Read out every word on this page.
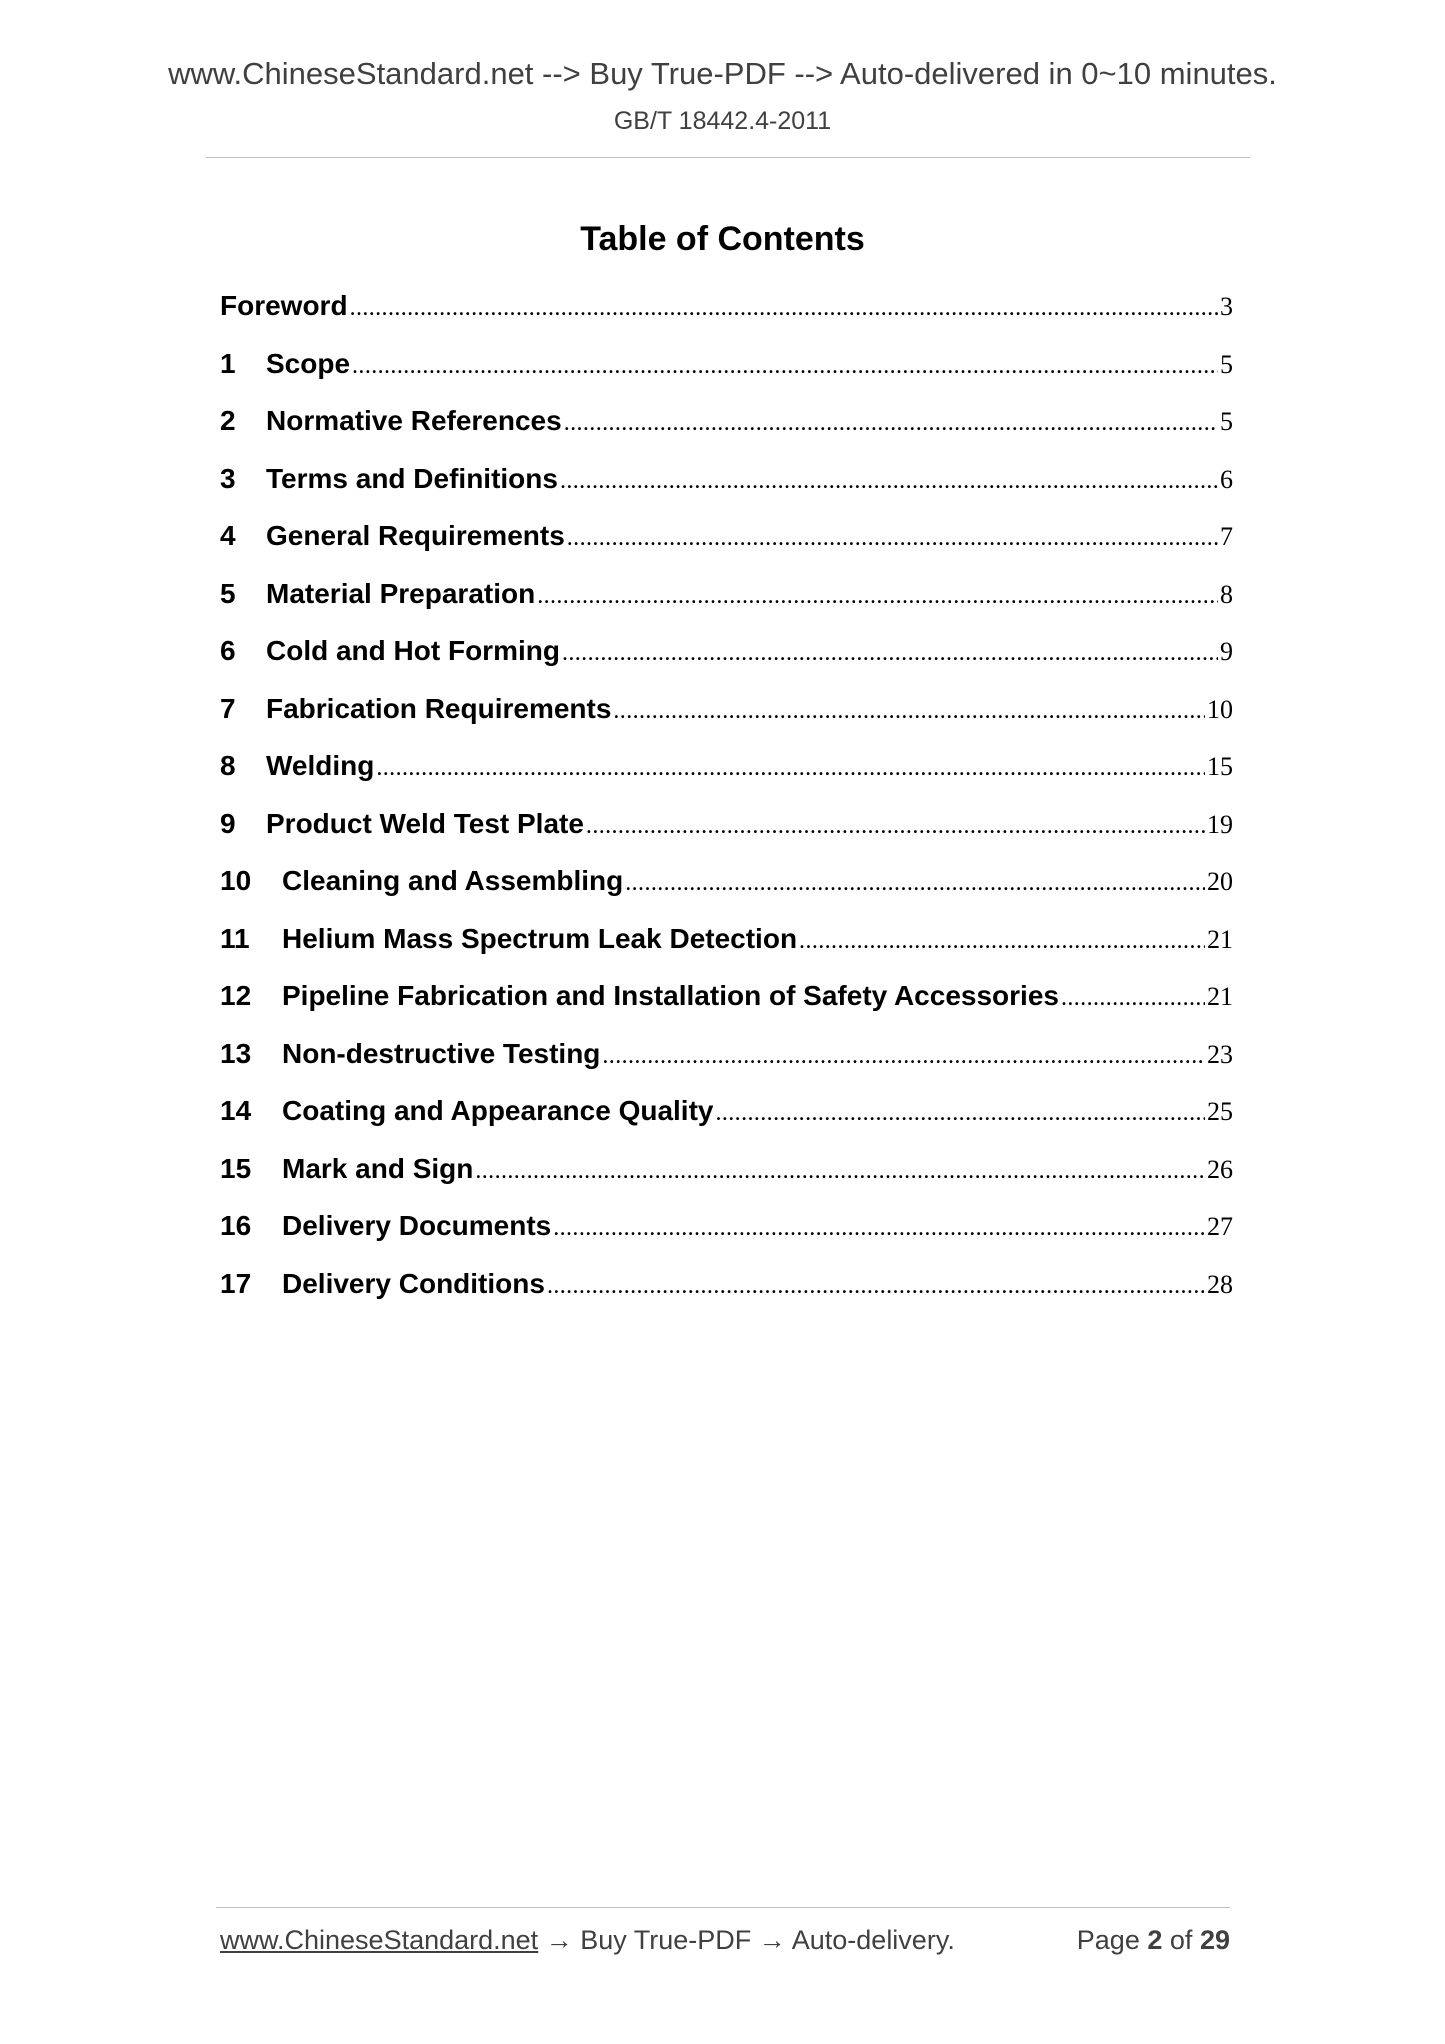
www.ChineseStandard.net --> Buy True-PDF --> Auto-delivered in 0~10 minutes.
GB/T 18442.4-2011
Table of Contents
Foreword .....	3
1	Scope .....	5
2	Normative References .....	5
3	Terms and Definitions .....	6
4	General Requirements .....	7
5	Material Preparation .....	8
6	Cold and Hot Forming .....	9
7	Fabrication Requirements .....	10
8	Welding .....	15
9	Product Weld Test Plate .....	19
10	Cleaning and Assembling .....	20
11	Helium Mass Spectrum Leak Detection .....	21
12	Pipeline Fabrication and Installation of Safety Accessories .....	21
13	Non-destructive Testing .....	23
14	Coating and Appearance Quality .....	25
15	Mark and Sign .....	26
16	Delivery Documents .....	27
17	Delivery Conditions .....	28
www.ChineseStandard.net → Buy True-PDF → Auto-delivery.	Page 2 of 29
